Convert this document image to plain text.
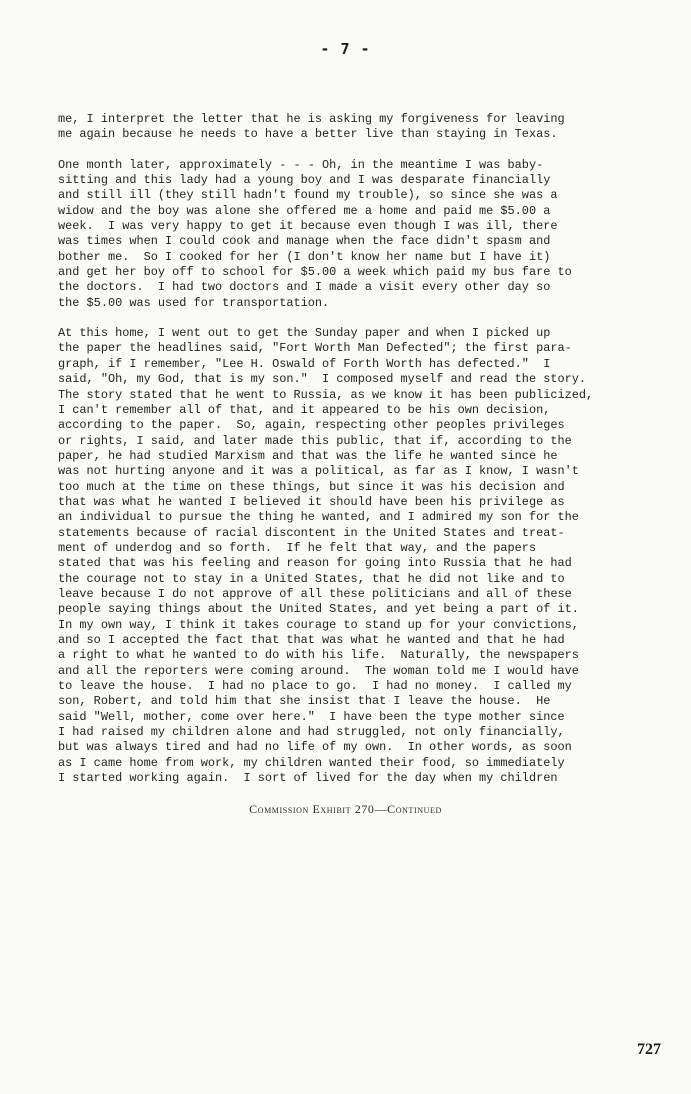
- 7 -
me, I interpret the letter that he is asking my forgiveness for leaving
me again because he needs to have a better live than staying in Texas.
One month later, approximately - - - Oh, in the meantime I was baby-
sitting and this lady had a young boy and I was desparate financially
and still ill (they still hadn't found my trouble), so since she was a
widow and the boy was alone she offered me a home and paid me $5.00 a
week.  I was very happy to get it because even though I was ill, there
was times when I could cook and manage when the face didn't spasm and
bother me.  So I cooked for her (I don't know her name but I have it)
and get her boy off to school for $5.00 a week which paid my bus fare to
the doctors.  I had two doctors and I made a visit every other day so
the $5.00 was used for transportation.
At this home, I went out to get the Sunday paper and when I picked up
the paper the headlines said, "Fort Worth Man Defected"; the first para-
graph, if I remember, "Lee H. Oswald of Forth Worth has defected."  I
said, "Oh, my God, that is my son."  I composed myself and read the story.
The story stated that he went to Russia, as we know it has been publicized,
I can't remember all of that, and it appeared to be his own decision,
according to the paper.  So, again, respecting other peoples privileges
or rights, I said, and later made this public, that if, according to the
paper, he had studied Marxism and that was the life he wanted since he
was not hurting anyone and it was a political, as far as I know, I wasn't
too much at the time on these things, but since it was his decision and
that was what he wanted I believed it should have been his privilege as
an individual to pursue the thing he wanted, and I admired my son for the
statements because of racial discontent in the United States and treat-
ment of underdog and so forth.  If he felt that way, and the papers
stated that was his feeling and reason for going into Russia that he had
the courage not to stay in a United States, that he did not like and to
leave because I do not approve of all these politicians and all of these
people saying things about the United States, and yet being a part of it.
In my own way, I think it takes courage to stand up for your convictions,
and so I accepted the fact that that was what he wanted and that he had
a right to what he wanted to do with his life.  Naturally, the newspapers
and all the reporters were coming around.  The woman told me I would have
to leave the house.  I had no place to go.  I had no money.  I called my
son, Robert, and told him that she insist that I leave the house.  He
said "Well, mother, come over here."  I have been the type mother since
I had raised my children alone and had struggled, not only financially,
but was always tired and had no life of my own.  In other words, as soon
as I came home from work, my children wanted their food, so immediately
I started working again.  I sort of lived for the day when my children
Commission Exhibit 270—Continued
727
